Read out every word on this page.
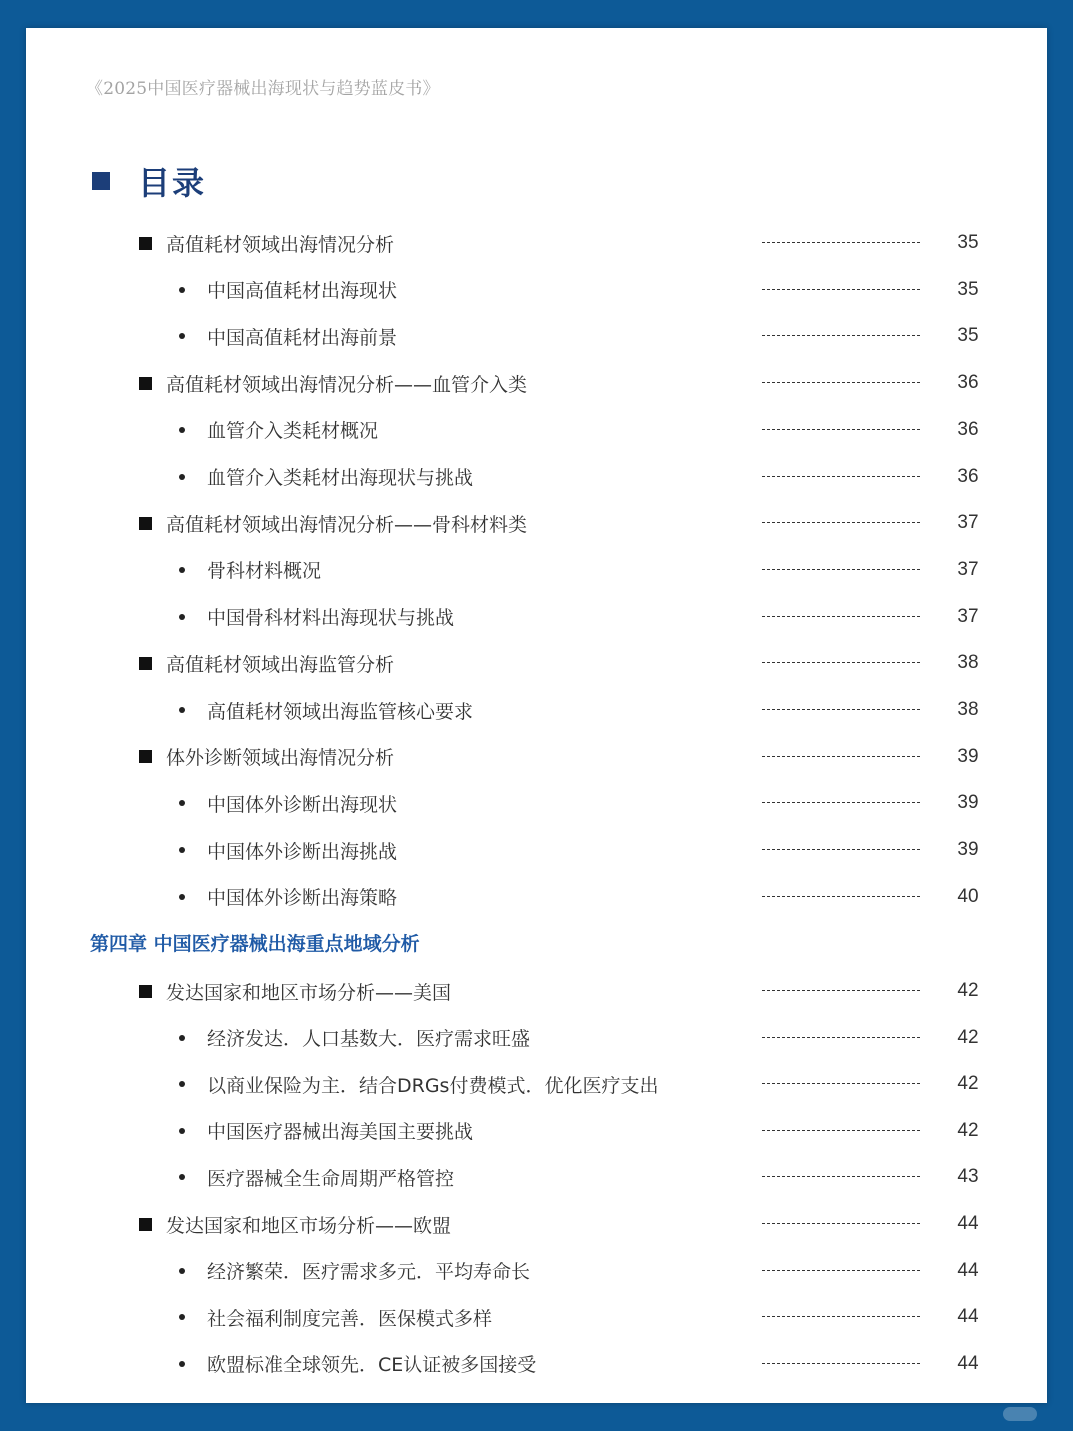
《2025中国医疗器械出海现状与趋势蓝皮书》
目录
高值耗材领域出海情况分析	35
中国高值耗材出海现状	35
中国高值耗材出海前景	35
高值耗材领域出海情况分析——血管介入类	36
血管介入类耗材概况	36
血管介入类耗材出海现状与挑战	36
高值耗材领域出海情况分析——骨科材料类	37
骨科材料概况	37
中国骨科材料出海现状与挑战	37
高值耗材领域出海监管分析	38
高值耗材领域出海监管核心要求	38
体外诊断领域出海情况分析	39
中国体外诊断出海现状	39
中国体外诊断出海挑战	39
中国体外诊断出海策略	40
发达国家和地区市场分析——美国	42
经济发达．人口基数大．医疗需求旺盛	42
以商业保险为主．结合DRGs付费模式．优化医疗支出	42
中国医疗器械出海美国主要挑战	42
医疗器械全生命周期严格管控	43
发达国家和地区市场分析——欧盟	44
经济繁荣．医疗需求多元．平均寿命长	44
社会福利制度完善．医保模式多样	44
欧盟标准全球领先．CE认证被多国接受	44
第四章 中国医疗器械出海重点地域分析
